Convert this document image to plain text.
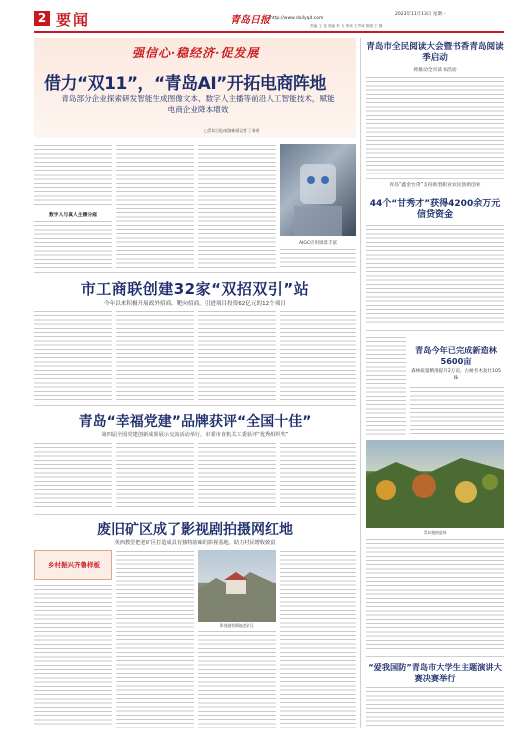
2 要闻	青岛日报 http://www.dailyqd.com
2023年11月13日 星期一
责编 王 尧 美编 李 飞 审读 王声咸 排版 王 静
强信心·稳经济·促发展
借力“双11”，“青岛AI”开拓电商阵地
青岛部分企业探索研发智能生成图像文本、数字人主播等前沿人工智能技术，赋能电商企业降本增效
□青岛日报/观海新闻记者 丁春鸿
数字人与真人主播分庭
AIGC应用场景丰富
市工商联创建32家“双招双引”站
今年以来积极开展政外招商、靶向招商，引进项目投资62亿元的12个项目
青岛“幸福党建”品牌获评“全国十佳”
第四届全国党建创新成果展示交流活动举行，市委市直机关工委获评“优秀组织奖”
废旧矿区成了影视剧拍摄网红地
英西教堂把老矿区打造成具有独特韵味的影视基地，助力村民增收致富
乡村振兴齐鲁样板
影视剧拍摄地老矿区
青岛市全民阅读大会暨书香青岛阅读季启动
将推动全市读书活动
青岛“鑫金台贷”支持新型职业农民创新创业
44个“甘秀才”获得4200余万元信贷资金
青岛今年已完成新造林5600亩
森林质量精准提升2万亩，古树名木复壮105株
青岛植树造林
“爱我国防”青岛市大学生主题演讲大赛决赛举行
